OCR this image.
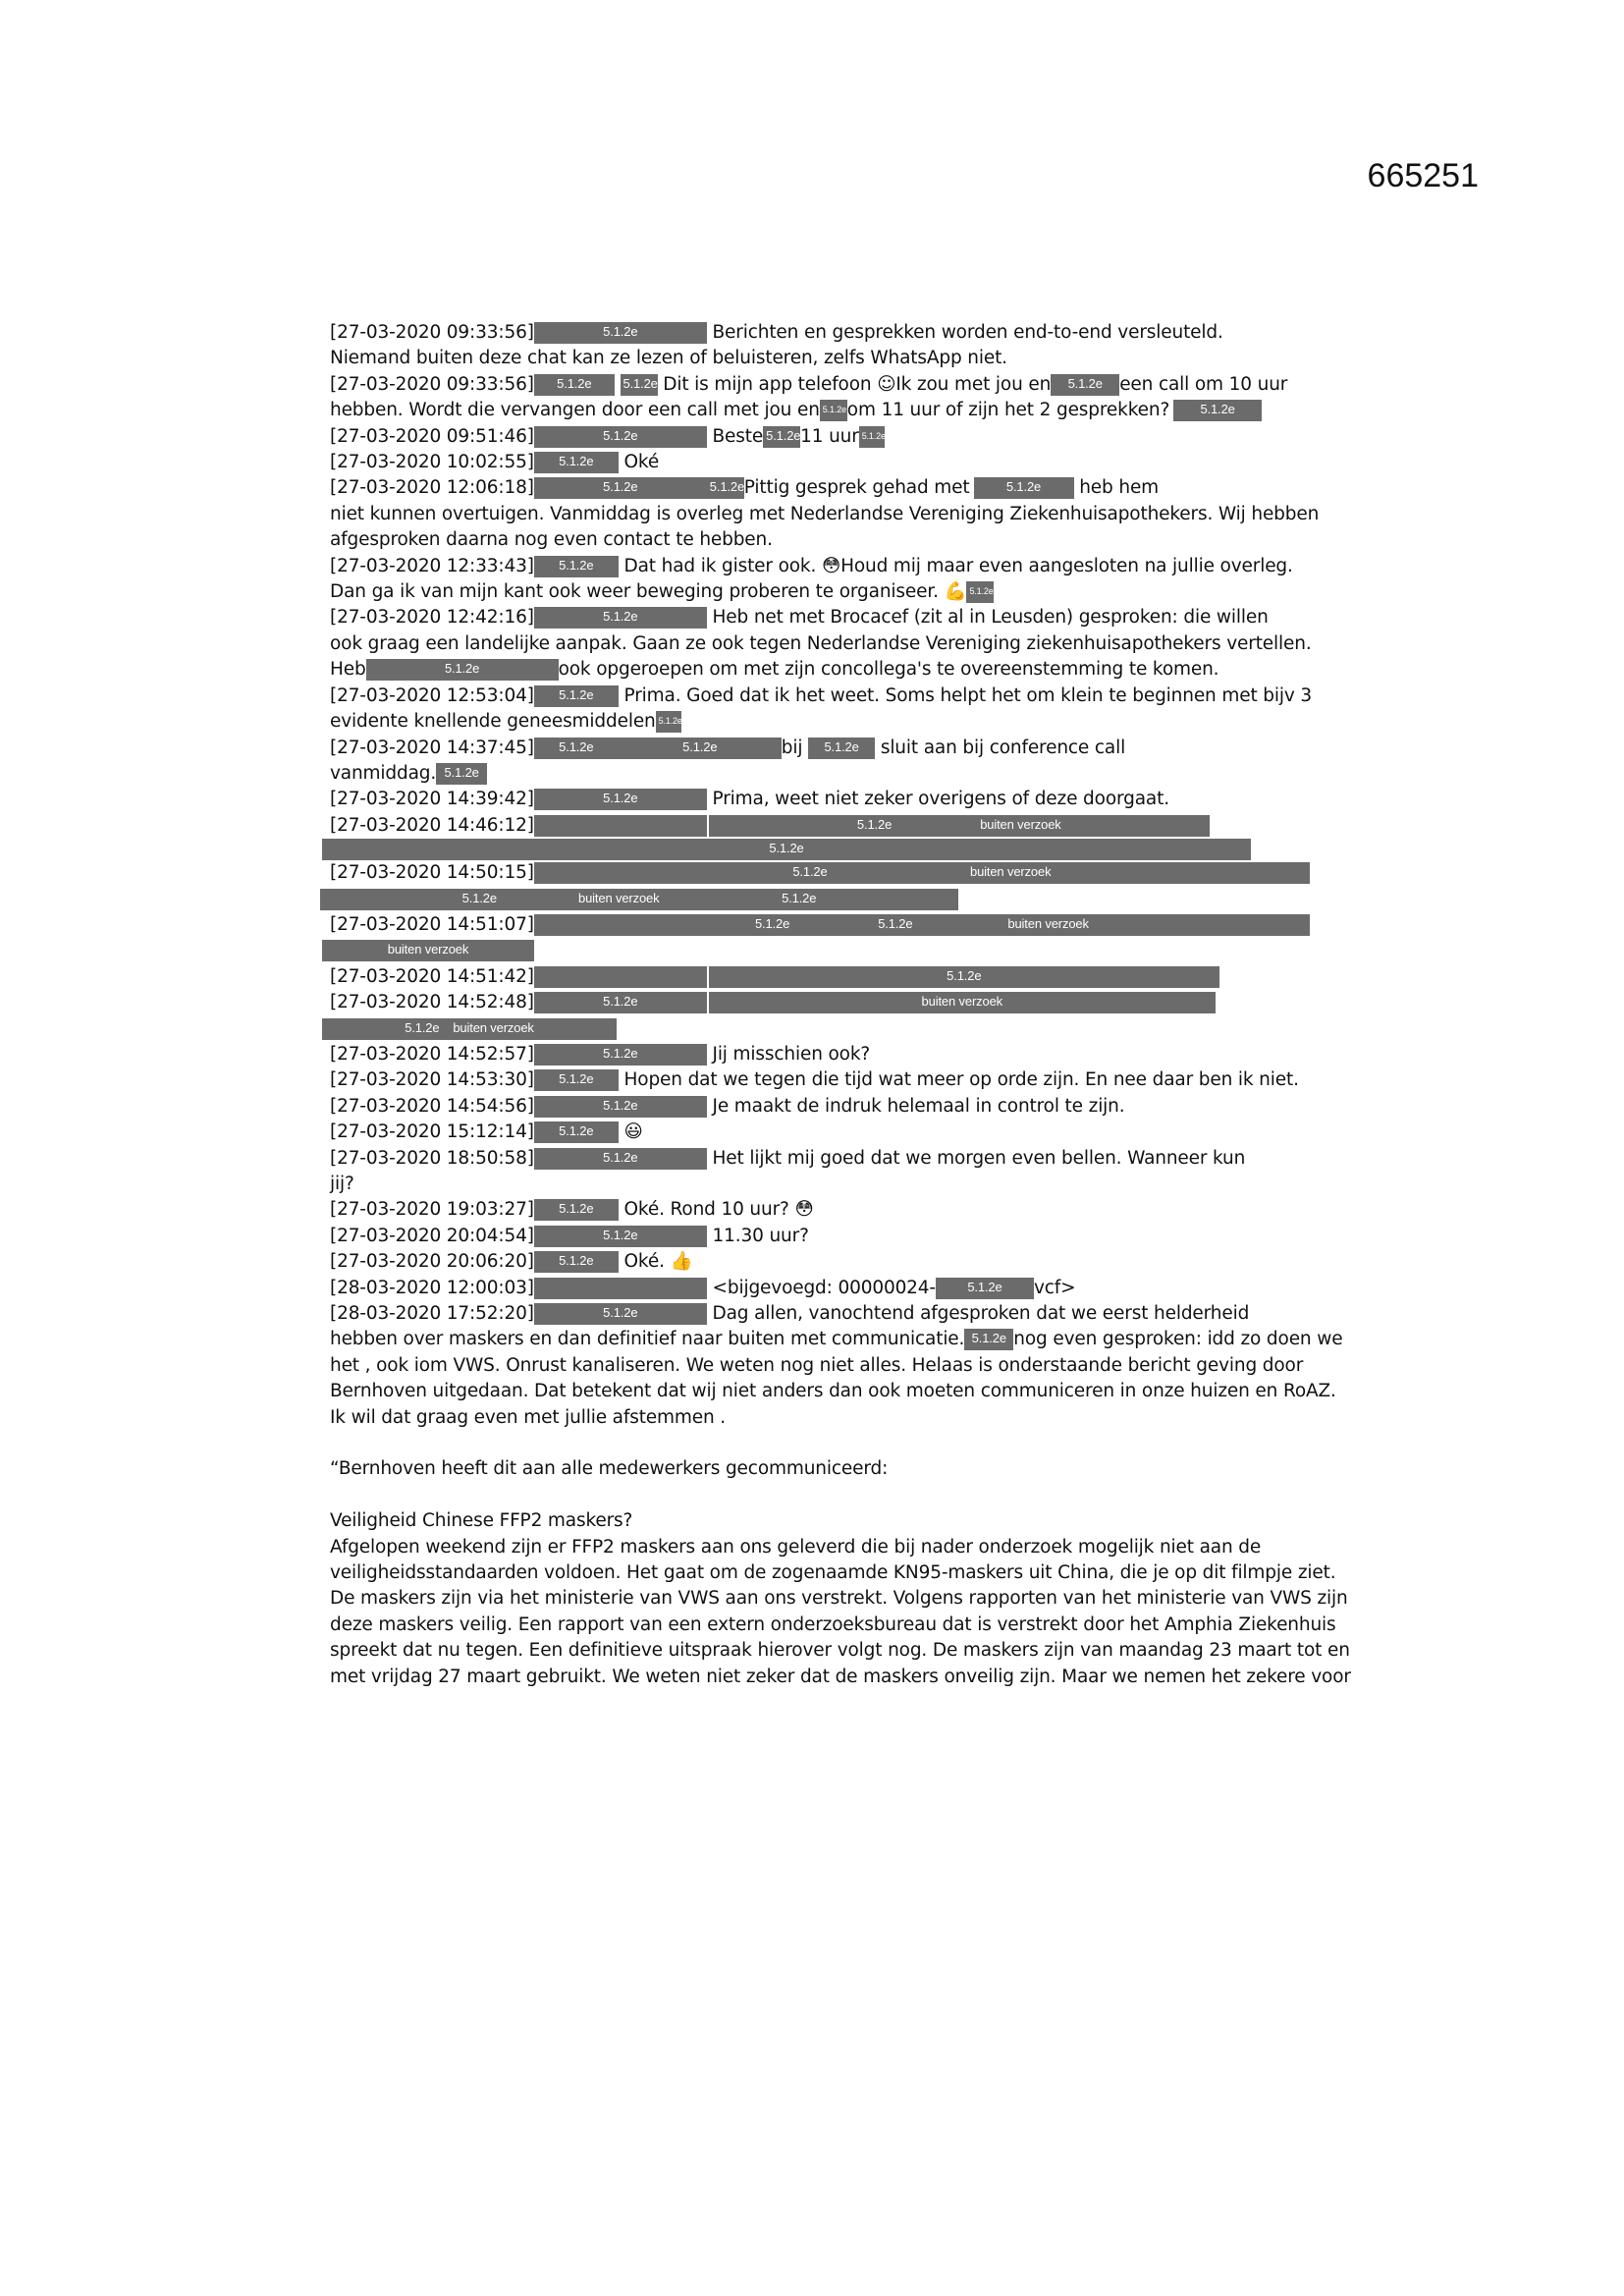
665251
[27-03-2020 09:33:56]	5.1.2e	Berichten en gesprekken worden end-to-end versleuteld.
Niemand buiten deze chat kan ze lezen of beluisteren, zelfs WhatsApp niet.
[27-03-2020 09:33:56] 5.1.2e 5.1.2e Dit is mijn app telefoon ☺Ik zou met jou en 5.1.2e een call om 10 uur
hebben. Wordt die vervangen door een call met jou en 5.1.2eom 11 uur of zijn het 2 gesprekken? 5.1.2e
[27-03-2020 09:51:46]	5.1.2e	Beste 5.1.2e11 uur 5.1.2e
[27-03-2020 10:02:55] 5.1.2e Oké
[27-03-2020 12:06:18]	5.1.2e	5.1.2ePittig gesprek gehad met	5.1.2e heb hem
niet kunnen overtuigen. Vanmiddag is overleg met Nederlandse Vereniging Ziekenhuisapothekers. Wij hebben
afgesproken daarna nog even contact te hebben.
[27-03-2020 12:33:43] 5.1.2e Dat had ik gister ook. 😳Houd mij maar even aangesloten na jullie overleg.
Dan ga ik van mijn kant ook weer beweging proberen te organiseer. 💪 5.1.2e
[27-03-2020 12:42:16]	5.1.2e	Heb net met Brocacef (zit al in Leusden) gesproken: die willen
ook graag een landelijke aanpak. Gaan ze ook tegen Nederlandse Vereniging ziekenhuisapothekers vertellen.
Heb	5.1.2e	ook opgeroepen om met zijn concollega's te overeenstemming te komen.
[27-03-2020 12:53:04] 5.1.2e Prima. Goed dat ik het weet. Soms helpt het om klein te beginnen met bijv 3
evidente knellende geneesmiddelen 5.1.2e
[27-03-2020 14:37:45] 5.1.2e	5.1.2e	bij 5.1.2e sluit aan bij conference call
vanmiddag. 5.1.2e
[27-03-2020 14:39:42]	5.1.2e	Prima, weet niet zeker overigens of deze doorgaat.
[27-03-2020 14:46:12]	5.1.2e	buiten verzoek
5.1.2e
[27-03-2020 14:50:15]	5.1.2e	buiten verzoek
5.1.2e	buiten verzoek	5.1.2e
[27-03-2020 14:51:07]	5.1.2e	5.1.2e	buiten verzoek
buiten verzoek
[27-03-2020 14:51:42]	5.1.2e
[27-03-2020 14:52:48]	5.1.2e	buiten verzoek
5.1.2e buiten verzoek
[27-03-2020 14:52:57]	5.1.2e	Jij misschien ook?
[27-03-2020 14:53:30] 5.1.2e Hopen dat we tegen die tijd wat meer op orde zijn. En nee daar ben ik niet.
[27-03-2020 14:54:56]	5.1.2e	Je maakt de indruk helemaal in control te zijn.
[27-03-2020 15:12:14] 5.1.2e 😃
[27-03-2020 18:50:58]	5.1.2e	Het lijkt mij goed dat we morgen even bellen. Wanneer kun
jij?
[27-03-2020 19:03:27] 5.1.2e Oké. Rond 10 uur? 😳
[27-03-2020 20:04:54]	5.1.2e	11.30 uur?
[27-03-2020 20:06:20] 5.1.2e Oké. 👍
[28-03-2020 12:00:03]	<bijgevoegd: 00000024- 5.1.2e vcf>
[28-03-2020 17:52:20]	5.1.2e	Dag allen, vanochtend afgesproken dat we eerst helderheid
hebben over maskers en dan definitief naar buiten met communicatie. 5.1.2e nog even gesproken: idd zo doen we
het , ook iom VWS. Onrust kanaliseren. We weten nog niet alles. Helaas is onderstaande bericht geving door
Bernhoven uitgedaan. Dat betekent dat wij niet anders dan ook moeten communiceren in onze huizen en RoAZ.
Ik wil dat graag even met jullie afstemmen .
“Bernhoven heeft dit aan alle medewerkers gecommuniceerd:
Veiligheid Chinese FFP2 maskers?
Afgelopen weekend zijn er FFP2 maskers aan ons geleverd die bij nader onderzoek mogelijk niet aan de
veiligheidsstandaarden voldoen. Het gaat om de zogenaamde KN95-maskers uit China, die je op dit filmpje ziet.
De maskers zijn via het ministerie van VWS aan ons verstrekt. Volgens rapporten van het ministerie van VWS zijn
deze maskers veilig. Een rapport van een extern onderzoeksbureau dat is verstrekt door het Amphia Ziekenhuis
spreekt dat nu tegen. Een definitieve uitspraak hierover volgt nog. De maskers zijn van maandag 23 maart tot en
met vrijdag 27 maart gebruikt. We weten niet zeker dat de maskers onveilig zijn. Maar we nemen het zekere voor
